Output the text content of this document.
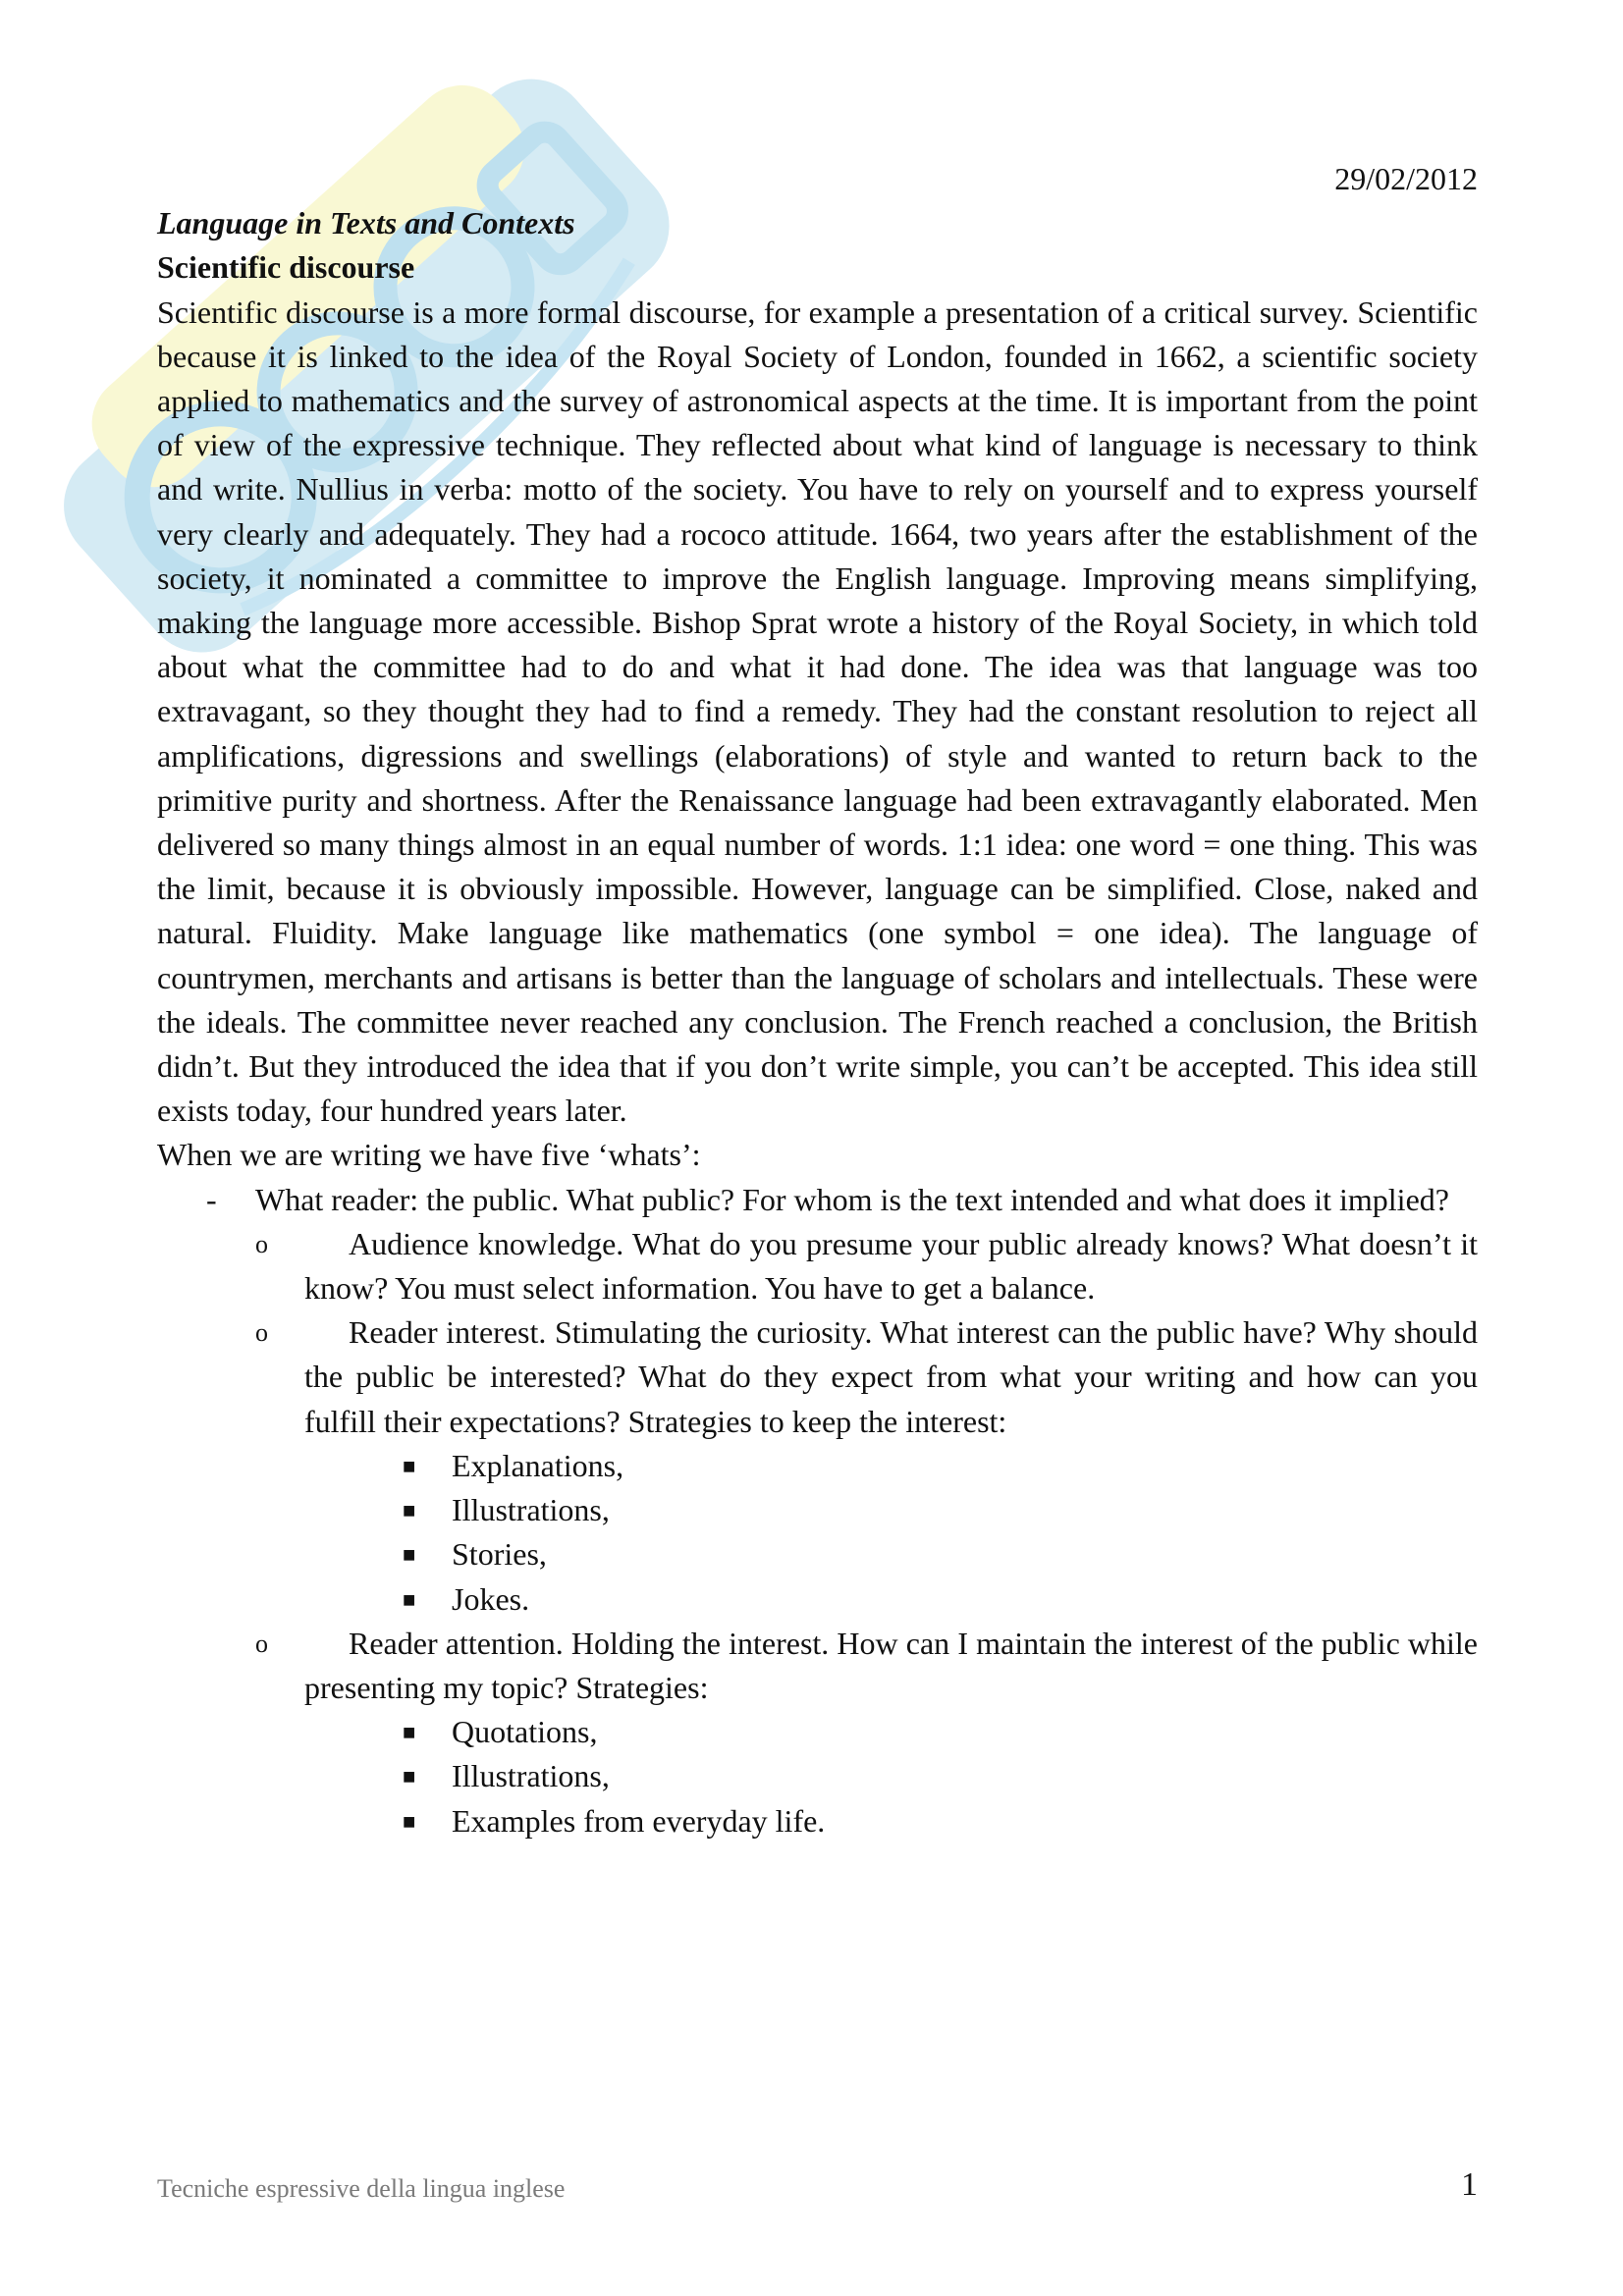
29/02/2012

Language in Texts and Contexts

Scientific discourse

Scientific discourse is a more formal discourse, for example a presentation of a critical survey. Scientific because it is linked to the idea of the Royal Society of London, founded in 1662, a scientific society applied to mathematics and the survey of astronomical aspects at the time. It is important from the point of view of the expressive technique. They reflected about what kind of language is necessary to think and write. Nullius in verba: motto of the society. You have to rely on yourself and to express yourself very clearly and adequately. They had a rococo attitude. 1664, two years after the establishment of the society, it nominated a committee to improve the English language. Improving means simplifying, making the language more accessible. Bishop Sprat wrote a history of the Royal Society, in which told about what the committee had to do and what it had done. The idea was that language was too extravagant, so they thought they had to find a remedy. They had the constant resolution to reject all amplifications, digressions and swellings (elaborations) of style and wanted to return back to the primitive purity and shortness. After the Renaissance language had been extravagantly elaborated. Men delivered so many things almost in an equal number of words. 1:1 idea: one word = one thing. This was the limit, because it is obviously impossible. However, language can be simplified. Close, naked and natural. Fluidity. Make language like mathematics (one symbol = one idea). The language of countrymen, merchants and artisans is better than the language of scholars and intellectuals. These were the ideals. The committee never reached any conclusion. The French reached a conclusion, the British didn’t. But they introduced the idea that if you don’t write simple, you can’t be accepted. This idea still exists today, four hundred years later.

When we are writing we have five ‘whats’:

- What reader: the public. What public? For whom is the text intended and what does it implied?
o	Audience knowledge. What do you presume your public already knows? What doesn’t it know? You must select information. You have to get a balance.
o	Reader interest. Stimulating the curiosity. What interest can the public have? Why should the public be interested? What do they expect from what your writing and how can you fulfill their expectations? Strategies to keep the interest:
■ Explanations,
■ Illustrations,
■ Stories,
■ Jokes.
o	Reader attention. Holding the interest. How can I maintain the interest of the public while presenting my topic? Strategies:
■ Quotations,
■ Illustrations,
■ Examples from everyday life.
Tecniche espressive della lingua inglese	1
